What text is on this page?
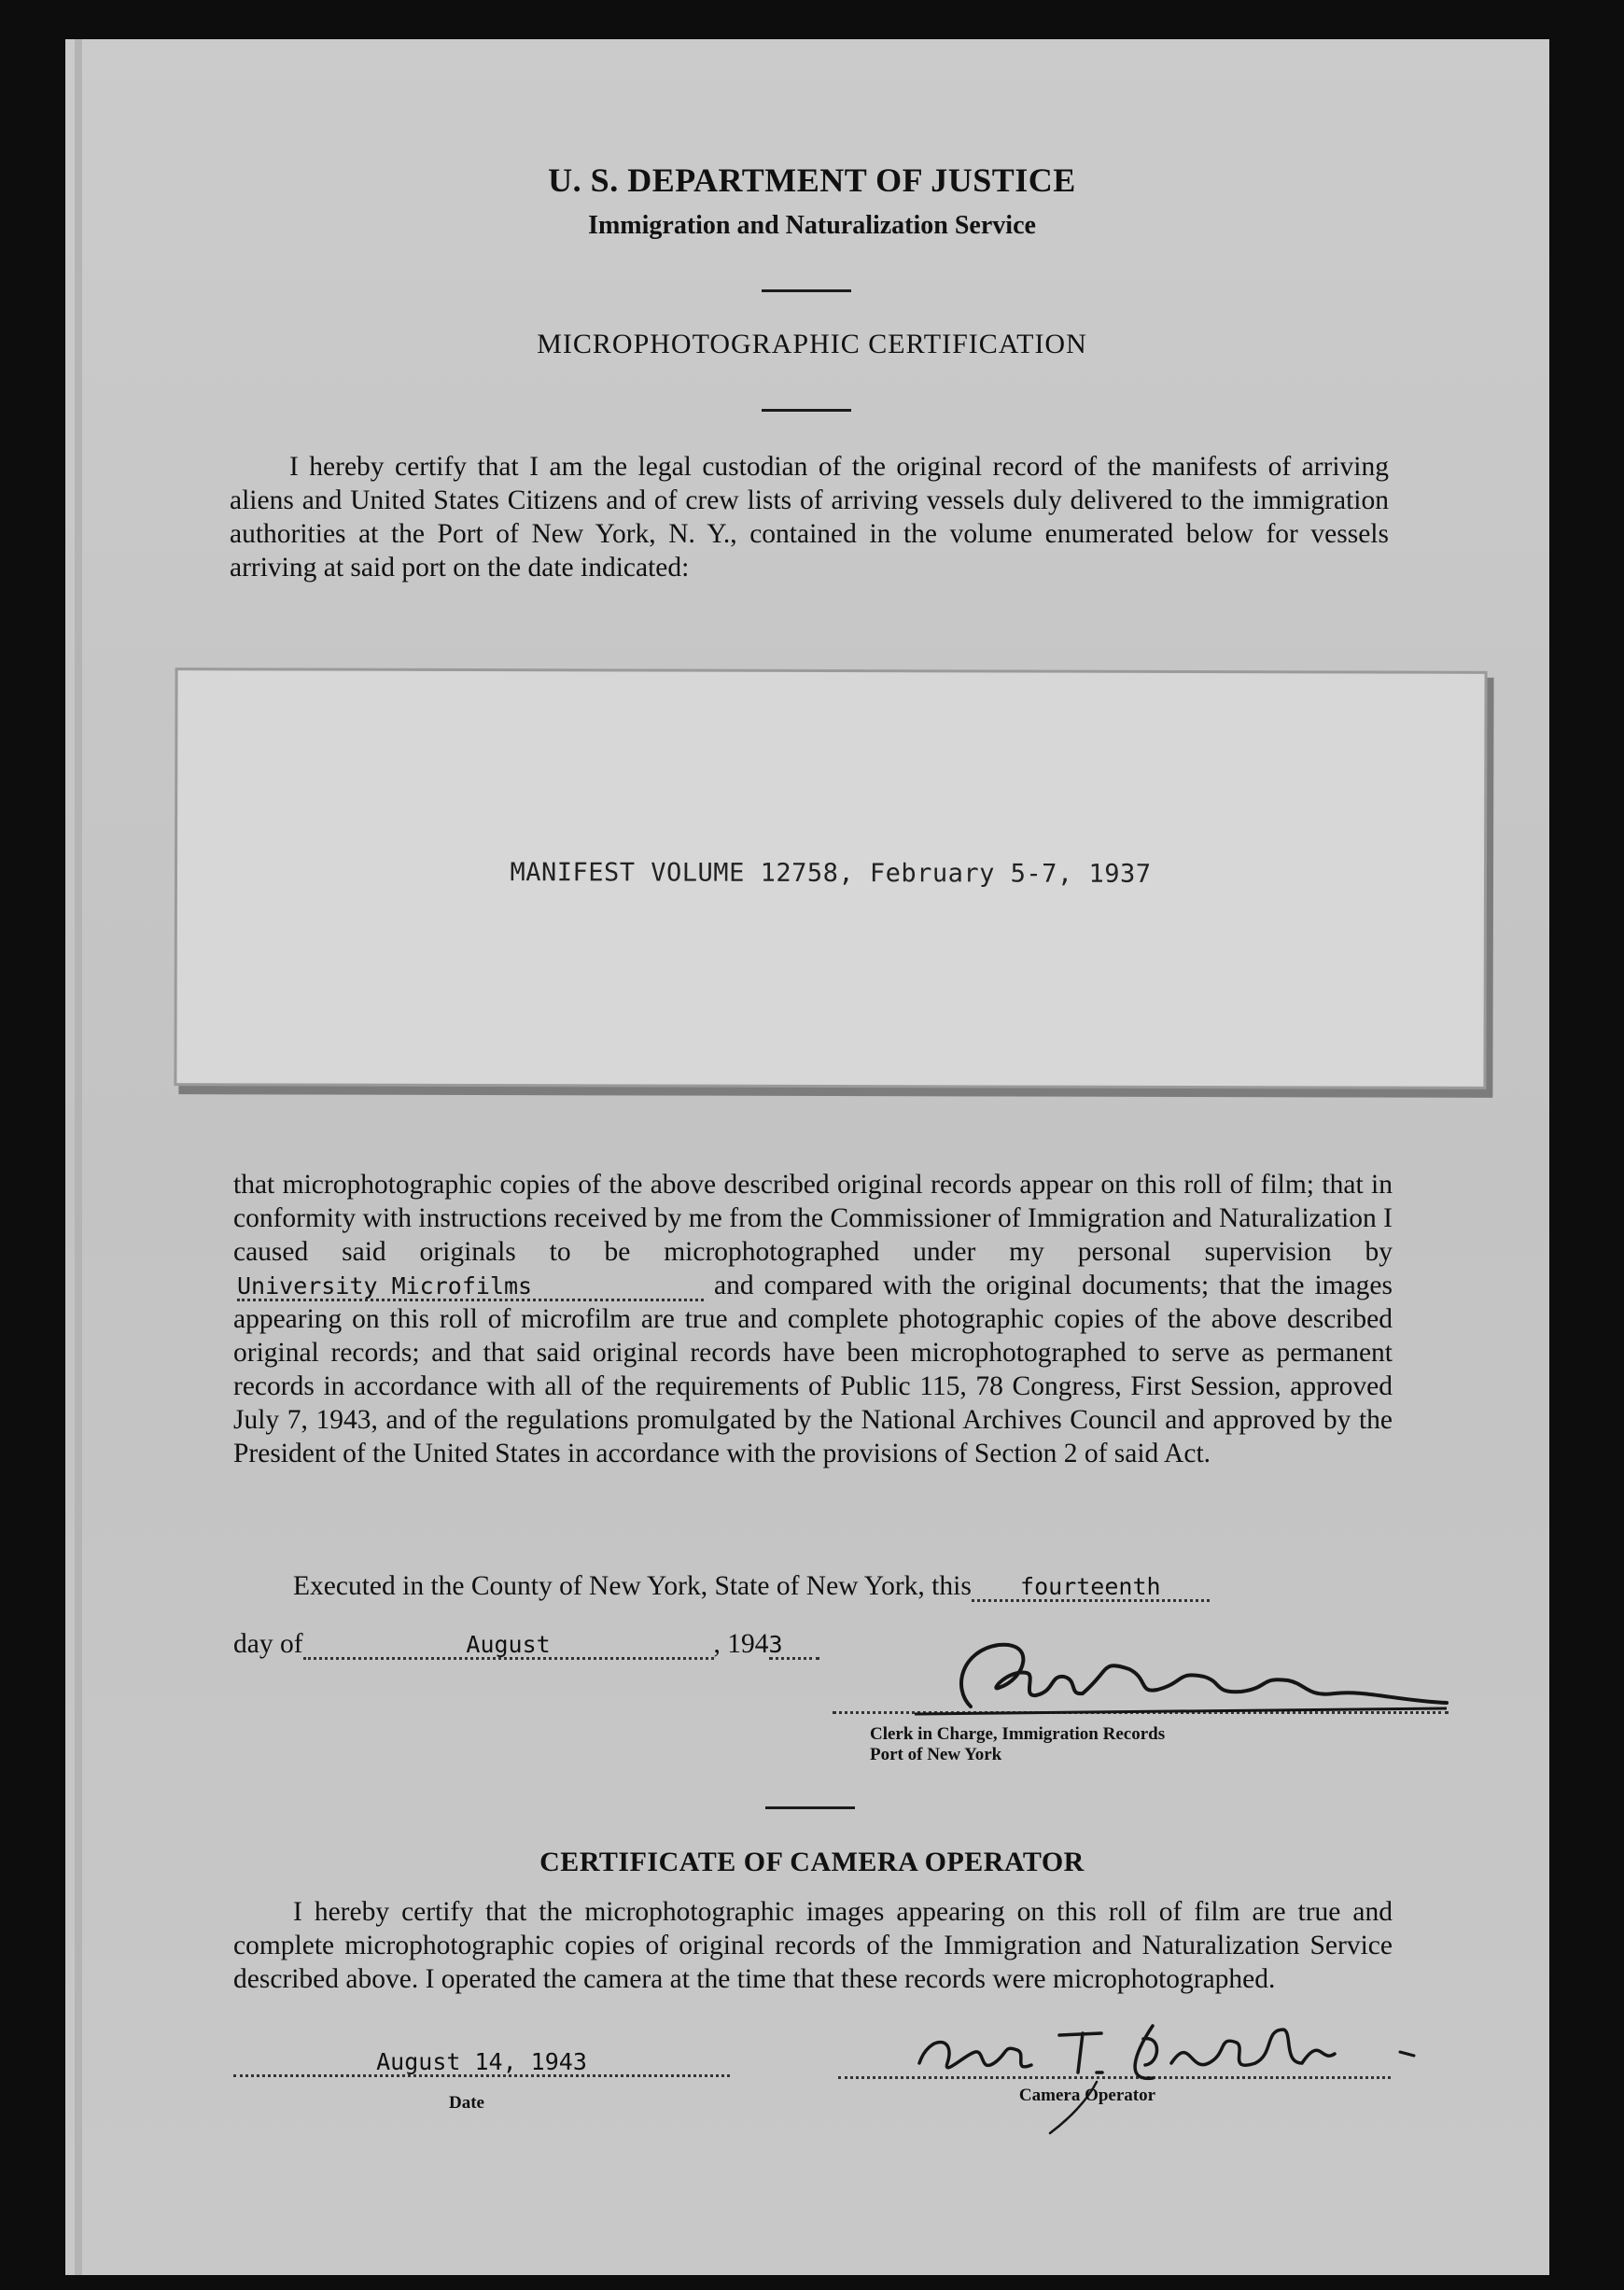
U. S. DEPARTMENT OF JUSTICE
Immigration and Naturalization Service
MICROPHOTOGRAPHIC CERTIFICATION
I hereby certify that I am the legal custodian of the original record of the manifests of arriving aliens and United States Citizens and of crew lists of arriving vessels duly delivered to the immigration authorities at the Port of New York, N. Y., contained in the volume enumerated below for vessels arriving at said port on the date indicated:
MANIFEST VOLUME 12758, February 5-7, 1937
that microphotographic copies of the above described original records appear on this roll of film; that in conformity with instructions received by me from the Commissioner of Immigration and Naturalization I caused said originals to be microphotographed under my personal supervision byUniversity Microfilms	and compared with the original documents; that the images appearing on this roll of microfilm are true and complete photographic copies of the above described original records; and that said original records have been microphotographed to serve as permanent records in accordance with all of the requirements of Public 115, 78 Congress, First Session, approved July 7, 1943, and of the regulations promulgated by the National Archives Council and approved by the President of the United States in accordance with the provisions of Section 2 of said Act.
Executed in the County of New York, State of New York, this fourteenth
day of	August	, 1943
Clerk in Charge, Immigration Records
Port of New York
CERTIFICATE OF CAMERA OPERATOR
I hereby certify that the microphotographic images appearing on this roll of film are true and complete microphotographic copies of original records of the Immigration and Naturalization Service described above. I operated the camera at the time that these records were microphotographed.
August 14, 1943
Date	Camera Operator
